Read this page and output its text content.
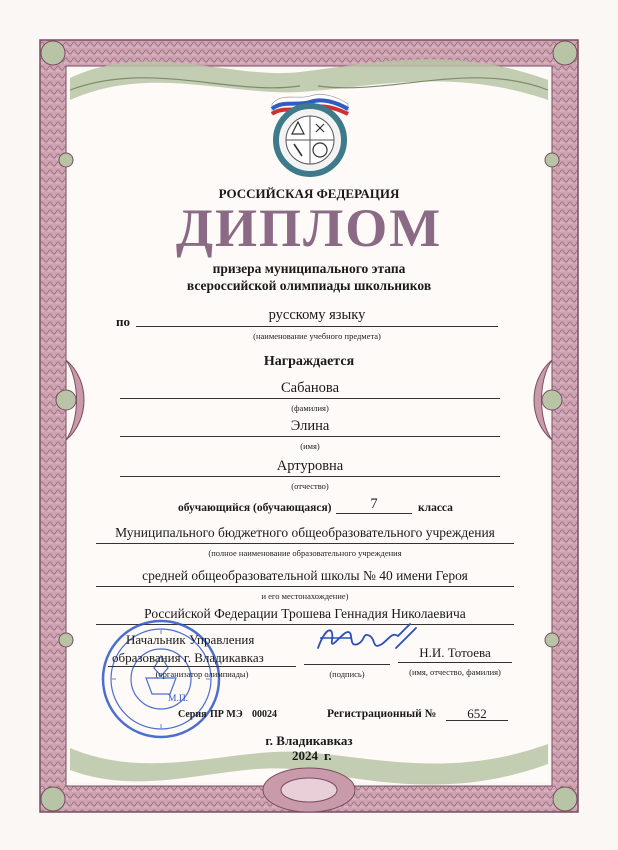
РОССИЙСКАЯ ФЕДЕРАЦИЯ
ДИПЛОМ
призера муниципального этапа
всероссийской олимпиады школьников
по	русскому языку
(наименование учебного предмета)
Награждается
Сабанова
(фамилия)
Элина
(имя)
Артуровна
(отчество)
обучающийся (обучающаяся)	7	класса
Муниципального бюджетного общеобразовательного учреждения
(полное наименование образовательного учреждения
средней общеобразовательной школы № 40 имени Героя
и его местонахождение)
Российской Федерации Трошева Геннадия Николаевича
М.П.
Начальник Управления
образования г. Владикавказ
(организатор олимпиады)	(подпись)
Н.И. Тотоева
(имя, отчество, фамилия)
Серия ПР МЭ 00024	Регистрационный №	652
г. Владикавказ
2024 г.
